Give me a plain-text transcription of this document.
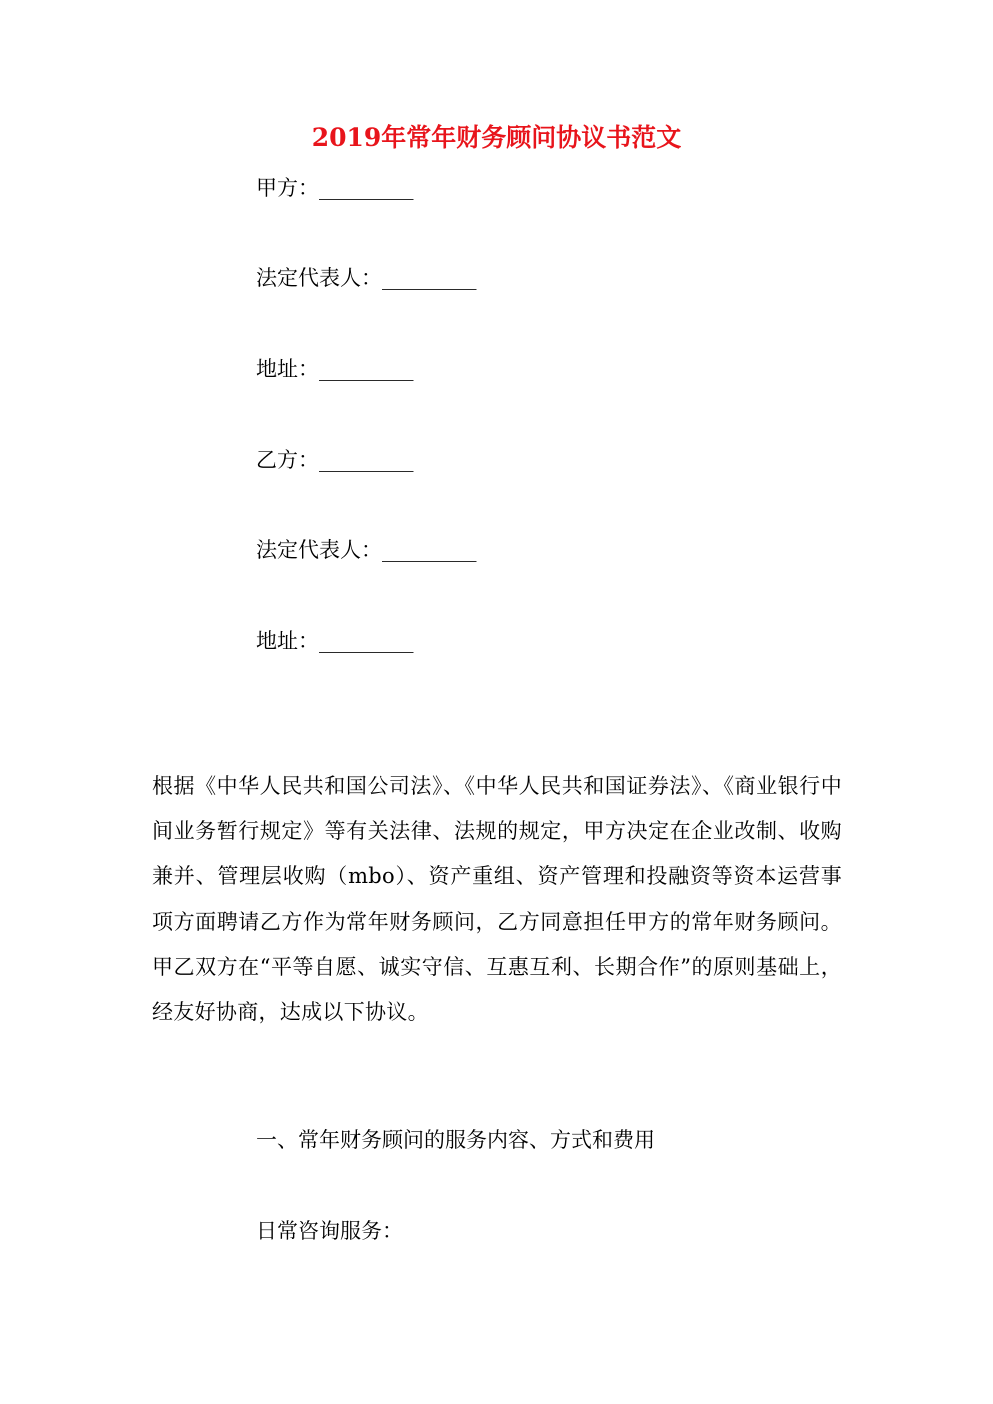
2019年常年财务顾问协议书范文
甲方：_________
法定代表人：_________
地址：_________
乙方：_________
法定代表人：_________
地址：_________
根据《中华人民共和国公司法》、《中华人民共和国证券法》、《商业银行中间业务暂行规定》等有关法律、法规的规定，甲方决定在企业改制、收购兼并、管理层收购（mbo）、资产重组、资产管理和投融资等资本运营事项方面聘请乙方作为常年财务顾问，乙方同意担任甲方的常年财务顾问。甲乙双方在“平等自愿、诚实守信、互惠互利、长期合作”的原则基础上，经友好协商，达成以下协议。
一、常年财务顾问的服务内容、方式和费用
日常咨询服务：
